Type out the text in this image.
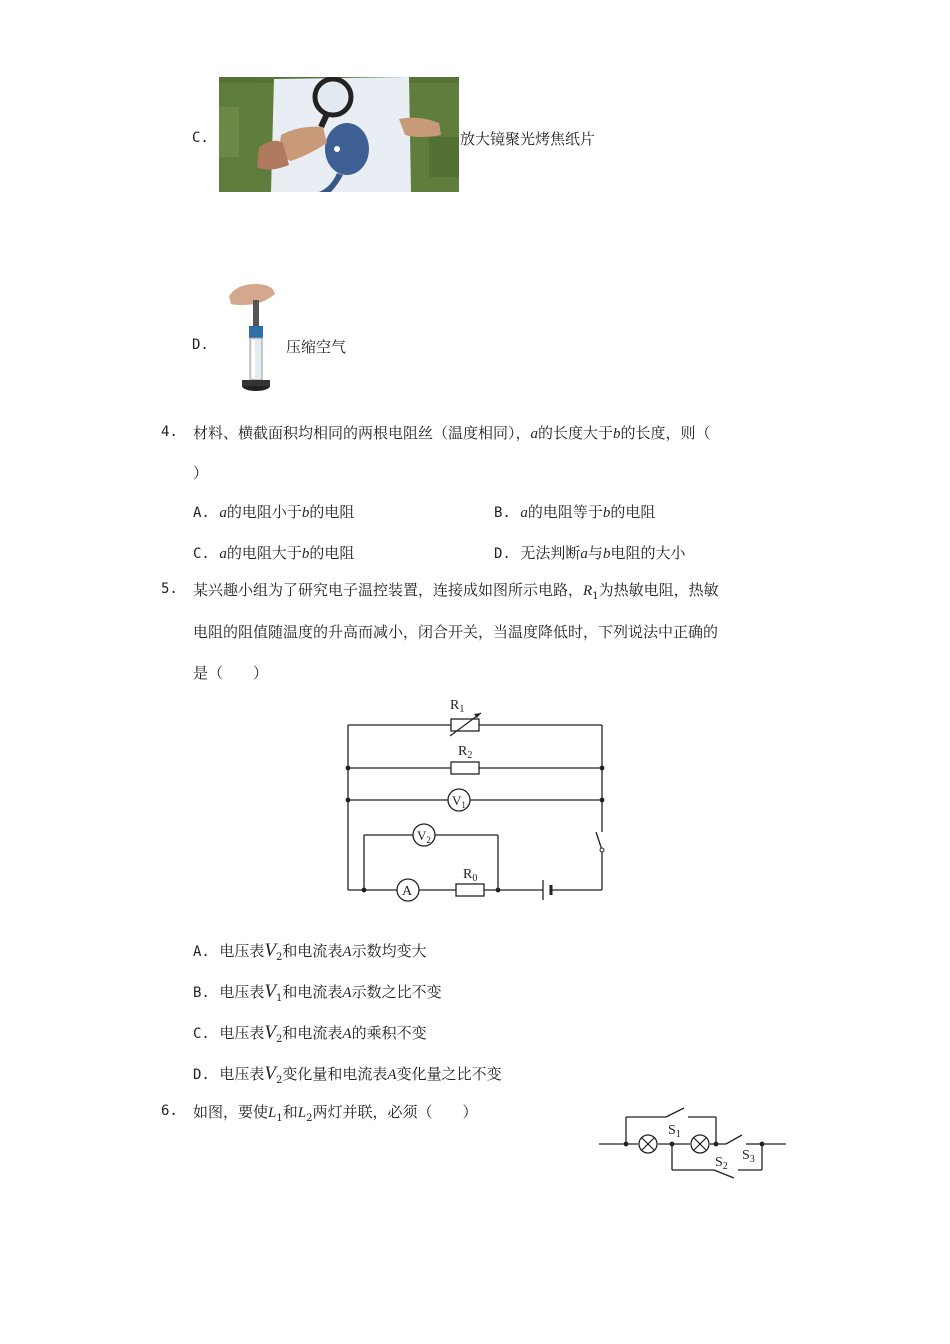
C.	放大镜聚光烤焦纸片
D.	压缩空气
4. 材料、横截面积均相同的两根电阻丝（温度相同），a的长度大于b的长度，则（
）
A. a的电阻小于b的电阻	B. a的电阻等于b的电阻
C. a的电阻大于b的电阻	D. 无法判断a与b电阻的大小
5. 某兴趣小组为了研究电子温控装置，连接成如图所示电路，$R_1$为热敏电阻，热敏
电阻的阻值随温度的升高而减小，闭合开关，当温度降低时，下列说法中正确的
是（　　）
$R_1$
$R_2$
$V_1$
$V_2$
A
$R_0$
A. 电压表$V_2$和电流表A示数均变大
B. 电压表$V_1$和电流表A示数之比不变
C. 电压表$V_2$和电流表A的乘积不变
D. 电压表$V_2$变化量和电流表A变化量之比不变
6. 如图，要使$L_1$和$L_2$两灯并联，必须（　　）
$S_1$
$S_2$
$S_3$
